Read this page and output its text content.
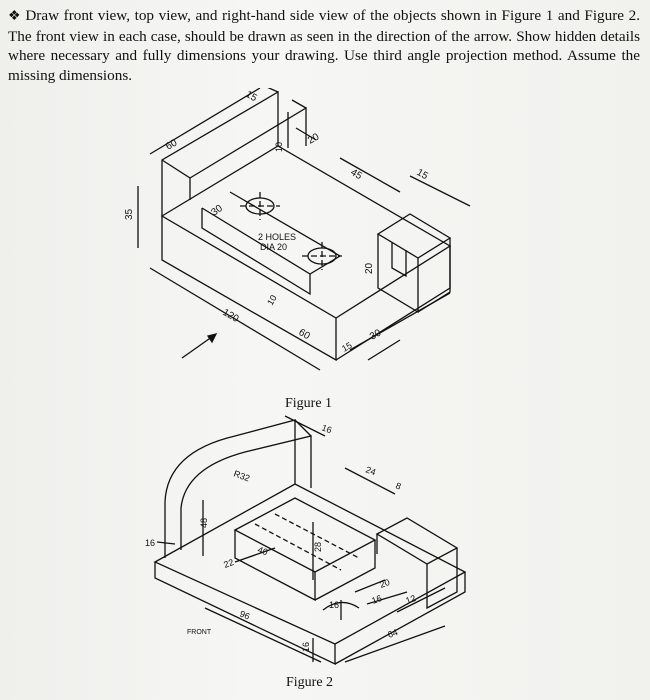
❖ Draw front view, top view, and right-hand side view of the objects shown in Figure 1 and Figure 2. The front view in each case, should be drawn as seen in the direction of the arrow. Show hidden details where necessary and fully dimensions your drawing. Use third angle projection method. Assume the missing dimensions.
15
60	10
20
45	15
35	30
2 HOLES
DIA 20
20
10
120
60
15
30
Figure 1
16
R32	24
8
48
16
40	28
22
20
16	16 12
96
16
64
FRONT
Figure 2
